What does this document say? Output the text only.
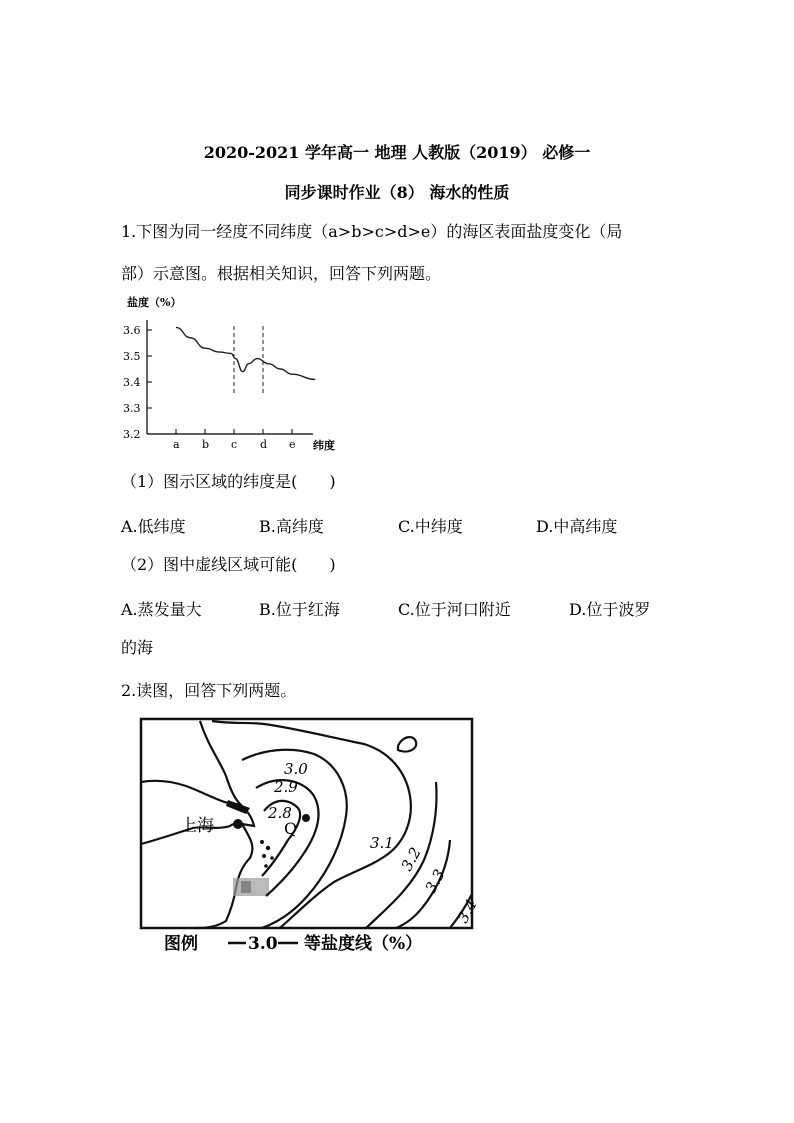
2020-2021 学年高一 地理 人教版（2019） 必修一
同步课时作业（8） 海水的性质
1.下图为同一经度不同纬度（a>b>c>d>e）的海区表面盐度变化（局
部）示意图。根据相关知识，回答下列两题。
盐度（%）
3.6
3.5
3.4
3.3
3.2
a b c d e 纬度
（1）图示区域的纬度是(　　)
A.低纬度	B.高纬度	C.中纬度	D.中高纬度
（2）图中虚线区域可能(　　)
A.蒸发量大	B.位于红海	C.位于河口附近	D.位于波罗
的海
2.读图，回答下列两题。
上海	Q
2.8
2.9
3.0
3.1
3.2
3.3
3.4
图例	3.0 等盐度线（%）
